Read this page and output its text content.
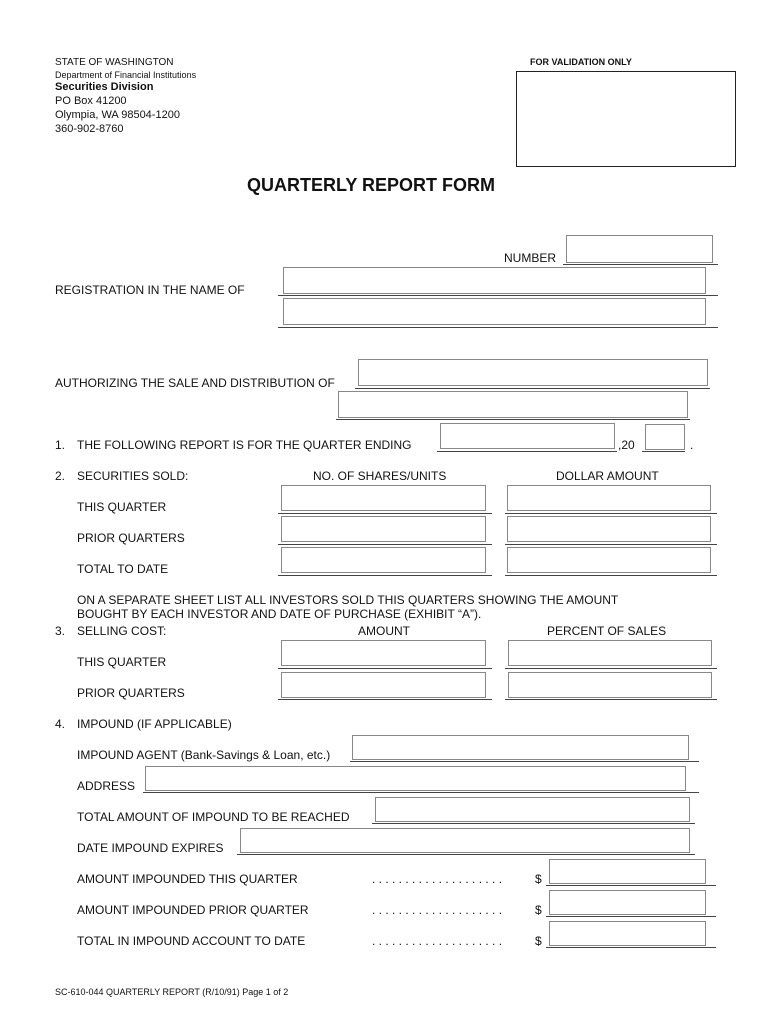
STATE OF WASHINGTON
Department of Financial Institutions
Securities Division
PO Box 41200
Olympia, WA 98504-1200
360-902-8760
FOR VALIDATION ONLY
QUARTERLY REPORT FORM
NUMBER
REGISTRATION IN THE NAME OF
AUTHORIZING THE SALE AND DISTRIBUTION OF
1. THE FOLLOWING REPORT IS FOR THE QUARTER ENDING	,20	.
2. SECURITIES SOLD:	NO. OF SHARES/UNITS	DOLLAR AMOUNT
THIS QUARTER
PRIOR QUARTERS
TOTAL TO DATE
ON A SEPARATE SHEET LIST ALL INVESTORS SOLD THIS QUARTERS SHOWING THE AMOUNT
BOUGHT BY EACH INVESTOR AND DATE OF PURCHASE (EXHIBIT “A”).
3. SELLING COST:	AMOUNT	PERCENT OF SALES
THIS QUARTER
PRIOR QUARTERS
4. IMPOUND (IF APPLICABLE)
IMPOUND AGENT (Bank-Savings & Loan, etc.)
ADDRESS
TOTAL AMOUNT OF IMPOUND TO BE REACHED
DATE IMPOUND EXPIRES
AMOUNT IMPOUNDED THIS QUARTER	. . . . . . . . . . . . . . . . . . . .	$
AMOUNT IMPOUNDED PRIOR QUARTER	. . . . . . . . . . . . . . . . . . . .	$
TOTAL IN IMPOUND ACCOUNT TO DATE	. . . . . . . . . . . . . . . . . . . .	$
SC-610-044 QUARTERLY REPORT (R/10/91) Page 1 of 2
